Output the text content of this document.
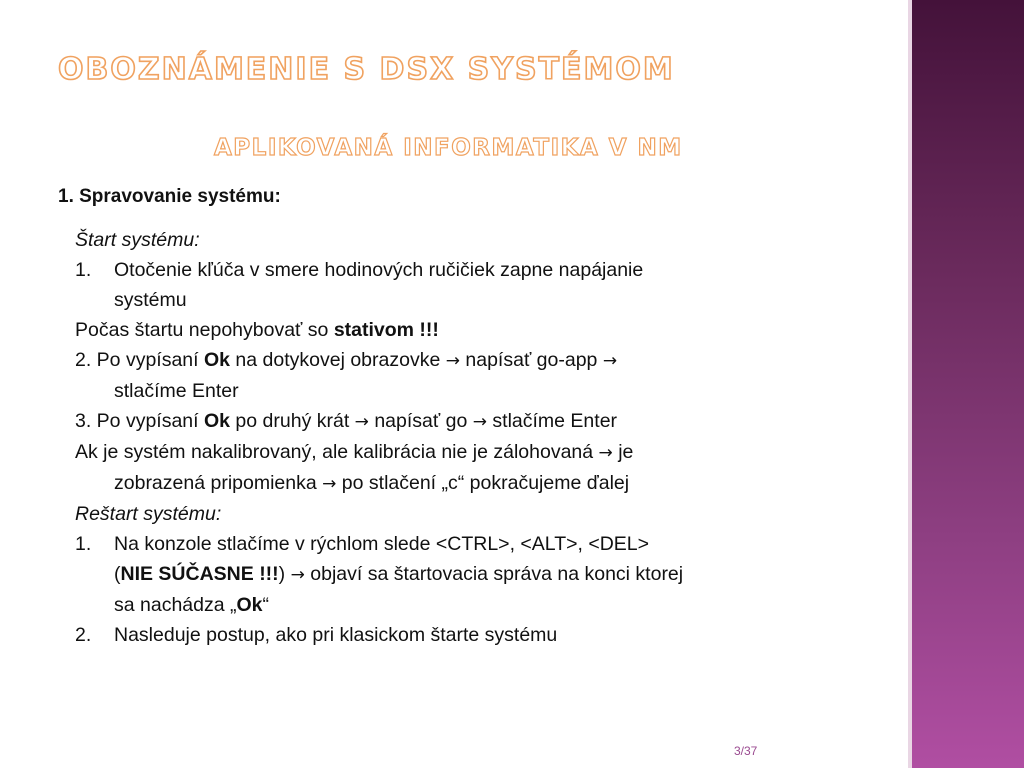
OBOZNÁMENIE S DSX SYSTÉMOM
APLIKOVANÁ INFORMATIKA V NM
1. Spravovanie systému:
Štart systému:
1. Otočenie kľúča v smere hodinových ručičiek zapne napájanie
systému
Počas štartu nepohybovať so stativom !!!
2. Po vypísaní Ok na dotykovej obrazovke → napísať go-app →
stlačíme Enter
3. Po vypísaní Ok po druhý krát → napísať go → stlačíme Enter
Ak je systém nakalibrovaný, ale kalibrácia nie je zálohovaná → je
zobrazená pripomienka → po stlačení „c“ pokračujeme ďalej
Reštart systému:
1. Na konzole stlačíme v rýchlom slede <CTRL>, <ALT>, <DEL>
(NIE SÚČASNE !!!) → objaví sa štartovacia správa na konci ktorej
sa nachádza „Ok“
2. Nasleduje postup, ako pri klasickom štarte systému
3/37
